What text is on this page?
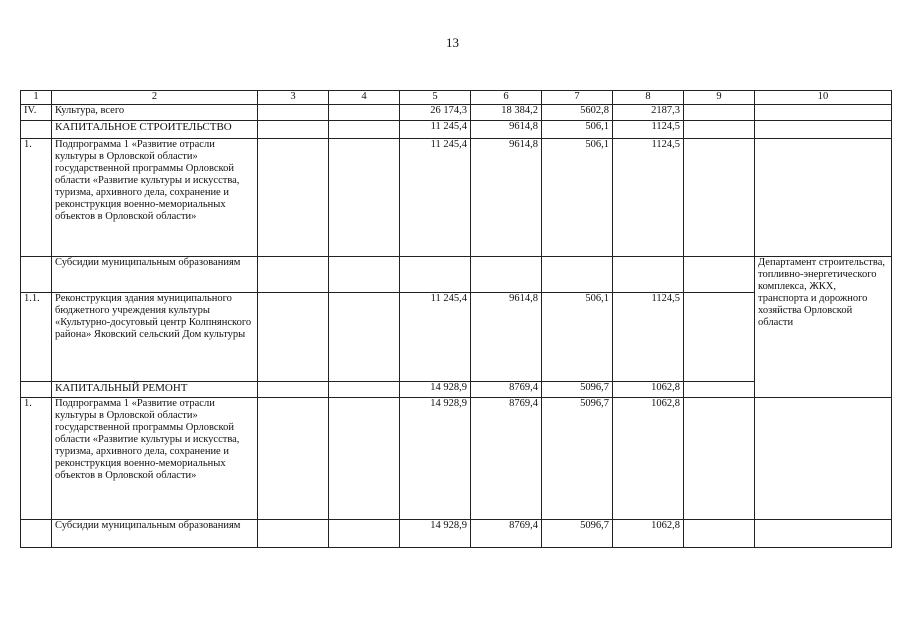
13
1	2	3	4	5	6	7	8	9	10
IV.	Культура, всего			26 174,3	18 384,2	5602,8	2187,3		
	КАПИТАЛЬНОЕ СТРОИТЕЛЬСТВО			11 245,4	9614,8	506,1	1124,5		
1.	Подпрограмма 1 «Развитие отрасли культуры в Орловской области» государственной программы Орловской области «Развитие культуры и искусства, туризма, архивного дела, сохранение и реконструкция военно-мемориальных объектов в Орловской области»			11 245,4	9614,8	506,1	1124,5		
	Субсидии муниципальным образованиям								Департамент строительства, топливно-энергетического комплекса, ЖКХ, транспорта и дорожного хозяйства Орловской области
1.1.	Реконструкция здания муниципального бюджетного учреждения культуры «Культурно-досуговый центр Колпнянского района» Яковский сельский Дом культуры			11 245,4	9614,8	506,1	1124,5		
	КАПИТАЛЬНЫЙ РЕМОНТ			14 928,9	8769,4	5096,7	1062,8		
1.	Подпрограмма 1 «Развитие отрасли культуры в Орловской области» государственной программы Орловской области «Развитие культуры и искусства, туризма, архивного дела, сохранение и реконструкция военно-мемориальных объектов в Орловской области»			14 928,9	8769,4	5096,7	1062,8		
	Субсидии муниципальным образованиям			14 928,9	8769,4	5096,7	1062,8		
